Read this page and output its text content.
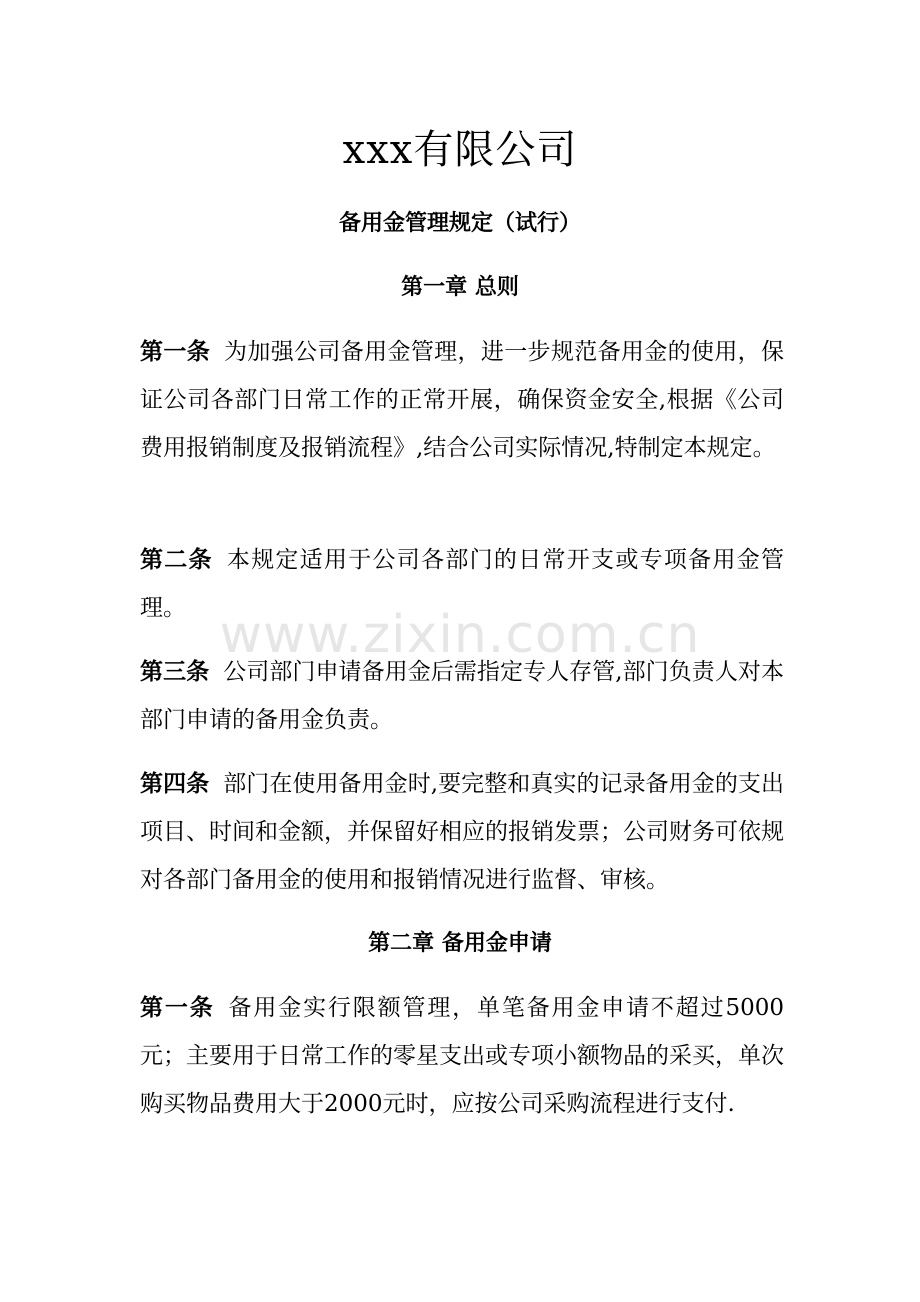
xxx有限公司
备用金管理规定（试行）
第一章 总则
第一条 为加强公司备用金管理，进一步规范备用金的使用，保证公司各部门日常工作的正常开展，确保资金安全,根据《公司费用报销制度及报销流程》,结合公司实际情况,特制定本规定。
第二条 本规定适用于公司各部门的日常开支或专项备用金管理。
第三条 公司部门申请备用金后需指定专人存管,部门负责人对本部门申请的备用金负责。
第四条 部门在使用备用金时,要完整和真实的记录备用金的支出项目、时间和金额，并保留好相应的报销发票；公司财务可依规对各部门备用金的使用和报销情况进行监督、审核。
第二章 备用金申请
第一条 备用金实行限额管理，单笔备用金申请不超过5000元；主要用于日常工作的零星支出或专项小额物品的采买，单次购买物品费用大于2000元时，应按公司采购流程进行支付.
www.zixin.com.cn
